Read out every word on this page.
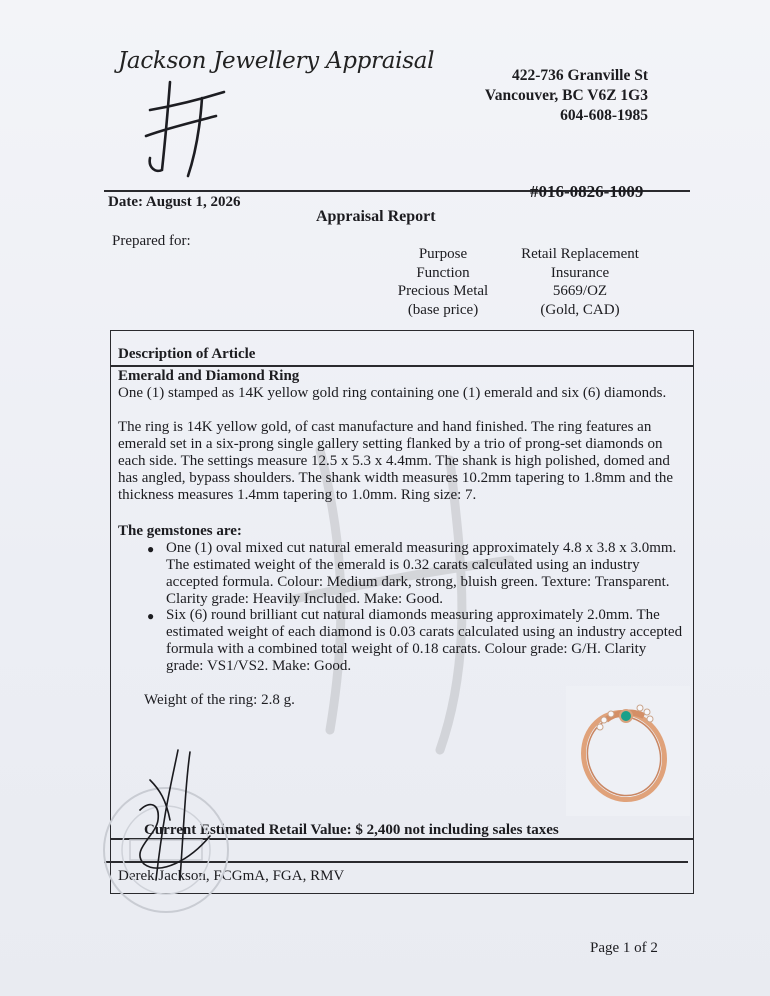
Jackson Jewellery Appraisal
422-736 Granville St
Vancouver, BC V6Z 1G3
604-608-1985
Date: August 1, 2026
#016-0826-1009
Appraisal Report
Prepared for:
Purpose
Function
Precious Metal
(base price)
Retail Replacement
Insurance
5669/OZ
(Gold, CAD)
Description of Article
Emerald and Diamond Ring
One (1) stamped as 14K yellow gold ring containing one (1) emerald and six (6) diamonds.
The ring is 14K yellow gold, of cast manufacture and hand finished. The ring features an
emerald set in a six-prong single gallery setting flanked by a trio of prong-set diamonds on
each side. The settings measure 12.5 x 5.3 x 4.4mm. The shank is high polished, domed and
has angled, bypass shoulders. The shank width measures 10.2mm tapering to 1.8mm and the
thickness measures 1.4mm tapering to 1.0mm. Ring size: 7.
The gemstones are:
● One (1) oval mixed cut natural emerald measuring approximately 4.8 x 3.8 x 3.0mm.
The estimated weight of the emerald is 0.32 carats calculated using an industry
accepted formula. Colour: Medium dark, strong, bluish green. Texture: Transparent.
Clarity grade: Heavily Included. Make: Good.
● Six (6) round brilliant cut natural diamonds measuring approximately 2.0mm. The
estimated weight of each diamond is 0.03 carats calculated using an industry accepted
formula with a combined total weight of 0.18 carats. Colour grade: G/H. Clarity
grade: VS1/VS2. Make: Good.
Weight of the ring: 2.8 g.
Current Estimated Retail Value: $ 2,400 not including sales taxes
Derek Jackson, FCGmA, FGA, RMV
Page 1 of 2
